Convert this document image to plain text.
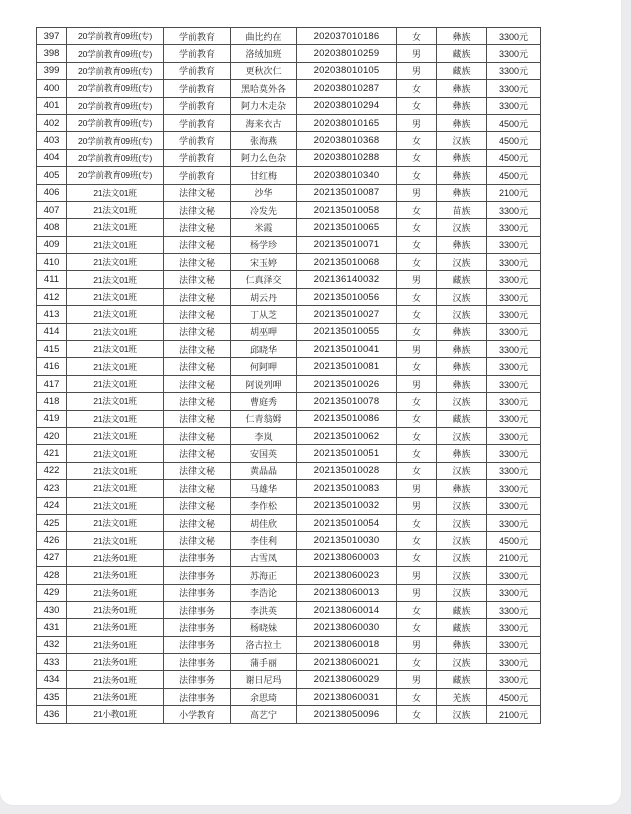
397	20学前教育09班(专)	学前教育	曲比约在	202037010186	女	彝族	3300元
398	20学前教育09班(专)	学前教育	洛绒加班	202038010259	男	藏族	3300元
399	20学前教育09班(专)	学前教育	更秋次仁	202038010105	男	藏族	3300元
400	20学前教育09班(专)	学前教育	黑哈莫外各	202038010287	女	彝族	3300元
401	20学前教育09班(专)	学前教育	阿力木走杂	202038010294	女	彝族	3300元
402	20学前教育09班(专)	学前教育	海来衣古	202038010165	男	彝族	4500元
403	20学前教育09班(专)	学前教育	张海燕	202038010368	女	汉族	4500元
404	20学前教育09班(专)	学前教育	阿力么色杂	202038010288	女	彝族	4500元
405	20学前教育09班(专)	学前教育	甘红梅	202038010340	女	彝族	4500元
406	21法文01班	法律文秘	沙华	202135010087	男	彝族	2100元
407	21法文01班	法律文秘	冷发先	202135010058	女	苗族	3300元
408	21法文01班	法律文秘	米霞	202135010065	女	汉族	3300元
409	21法文01班	法律文秘	杨学珍	202135010071	女	彝族	3300元
410	21法文01班	法律文秘	宋玉婷	202135010068	女	汉族	3300元
411	21法文01班	法律文秘	仁真泽交	202136140032	男	藏族	3300元
412	21法文01班	法律文秘	胡云丹	202135010056	女	汉族	3300元
413	21法文01班	法律文秘	丁从芝	202135010027	女	汉族	3300元
414	21法文01班	法律文秘	胡巫呷	202135010055	女	彝族	3300元
415	21法文01班	法律文秘	邱晓华	202135010041	男	彝族	3300元
416	21法文01班	法律文秘	何阿呷	202135010081	女	彝族	3300元
417	21法文01班	法律文秘	阿说列呷	202135010026	男	彝族	3300元
418	21法文01班	法律文秘	曹庭秀	202135010078	女	汉族	3300元
419	21法文01班	法律文秘	仁青翁姆	202135010086	女	藏族	3300元
420	21法文01班	法律文秘	李岚	202135010062	女	汉族	3300元
421	21法文01班	法律文秘	安国英	202135010051	女	彝族	3300元
422	21法文01班	法律文秘	黄晶晶	202135010028	女	汉族	3300元
423	21法文01班	法律文秘	马雄华	202135010083	男	彝族	3300元
424	21法文01班	法律文秘	李作松	202135010032	男	汉族	3300元
425	21法文01班	法律文秘	胡佳欣	202135010054	女	汉族	3300元
426	21法文01班	法律文秘	李佳利	202135010030	女	汉族	4500元
427	21法务01班	法律事务	古雪凤	202138060003	女	汉族	2100元
428	21法务01班	法律事务	苏海正	202138060023	男	汉族	3300元
429	21法务01班	法律事务	李浩论	202138060013	男	汉族	3300元
430	21法务01班	法律事务	李洪英	202138060014	女	藏族	3300元
431	21法务01班	法律事务	杨晓妹	202138060030	女	藏族	3300元
432	21法务01班	法律事务	洛古拉土	202138060018	男	彝族	3300元
433	21法务01班	法律事务	蒲手丽	202138060021	女	汉族	3300元
434	21法务01班	法律事务	谢日尼玛	202138060029	男	藏族	3300元
435	21法务01班	法律事务	余思琦	202138060031	女	羌族	4500元
436	21小教01班	小学教育	高艺宁	202138050096	女	汉族	2100元
